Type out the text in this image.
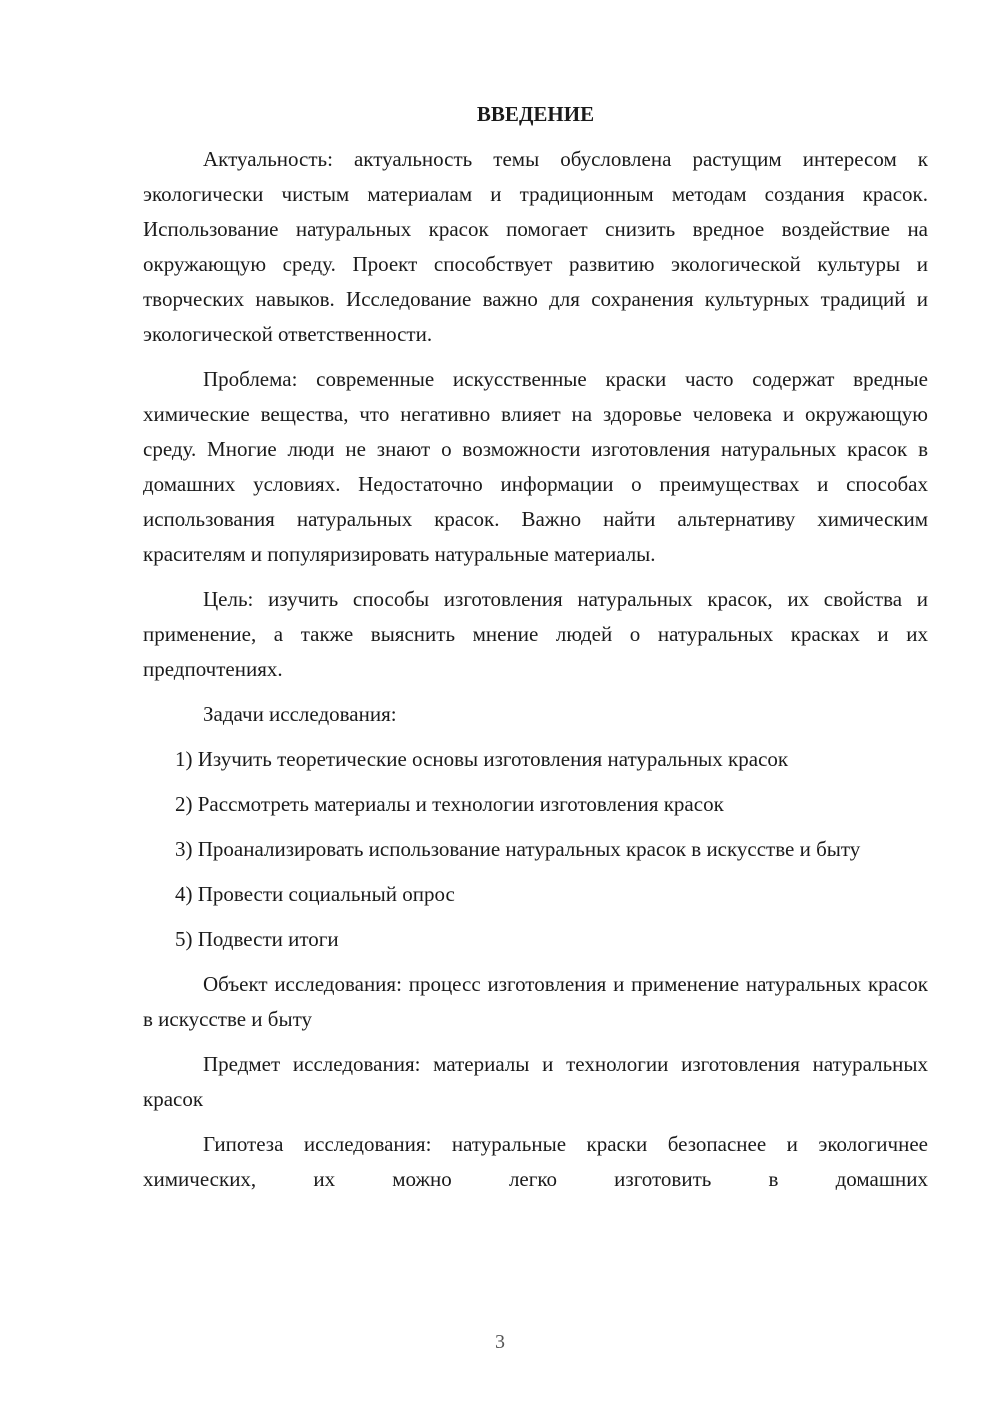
ВВЕДЕНИЕ

Актуальность: актуальность темы обусловлена растущим интересом к экологически чистым материалам и традиционным методам создания красок. Использование натуральных красок помогает снизить вредное воздействие на окружающую среду. Проект способствует развитию экологической культуры и творческих навыков. Исследование важно для сохранения культурных традиций и экологической ответственности.

Проблема: современные искусственные краски часто содержат вредные химические вещества, что негативно влияет на здоровье человека и окружающую среду. Многие люди не знают о возможности изготовления натуральных красок в домашних условиях. Недостаточно информации о преимуществах и способах использования натуральных красок. Важно найти альтернативу химическим красителям и популяризировать натуральные материалы.

Цель: изучить способы изготовления натуральных красок, их свойства и применение, а также выяснить мнение людей о натуральных красках и их предпочтениях.

Задачи исследования:

1) Изучить теоретические основы изготовления натуральных красок
2) Рассмотреть материалы и технологии изготовления красок
3) Проанализировать использование натуральных красок в искусстве и быту
4) Провести социальный опрос
5) Подвести итоги

Объект исследования: процесс изготовления и применение натуральных красок в искусстве и быту

Предмет исследования: материалы и технологии изготовления натуральных красок

Гипотеза исследования: натуральные краски безопаснее и экологичнее химических, их можно легко изготовить в домашних

3
